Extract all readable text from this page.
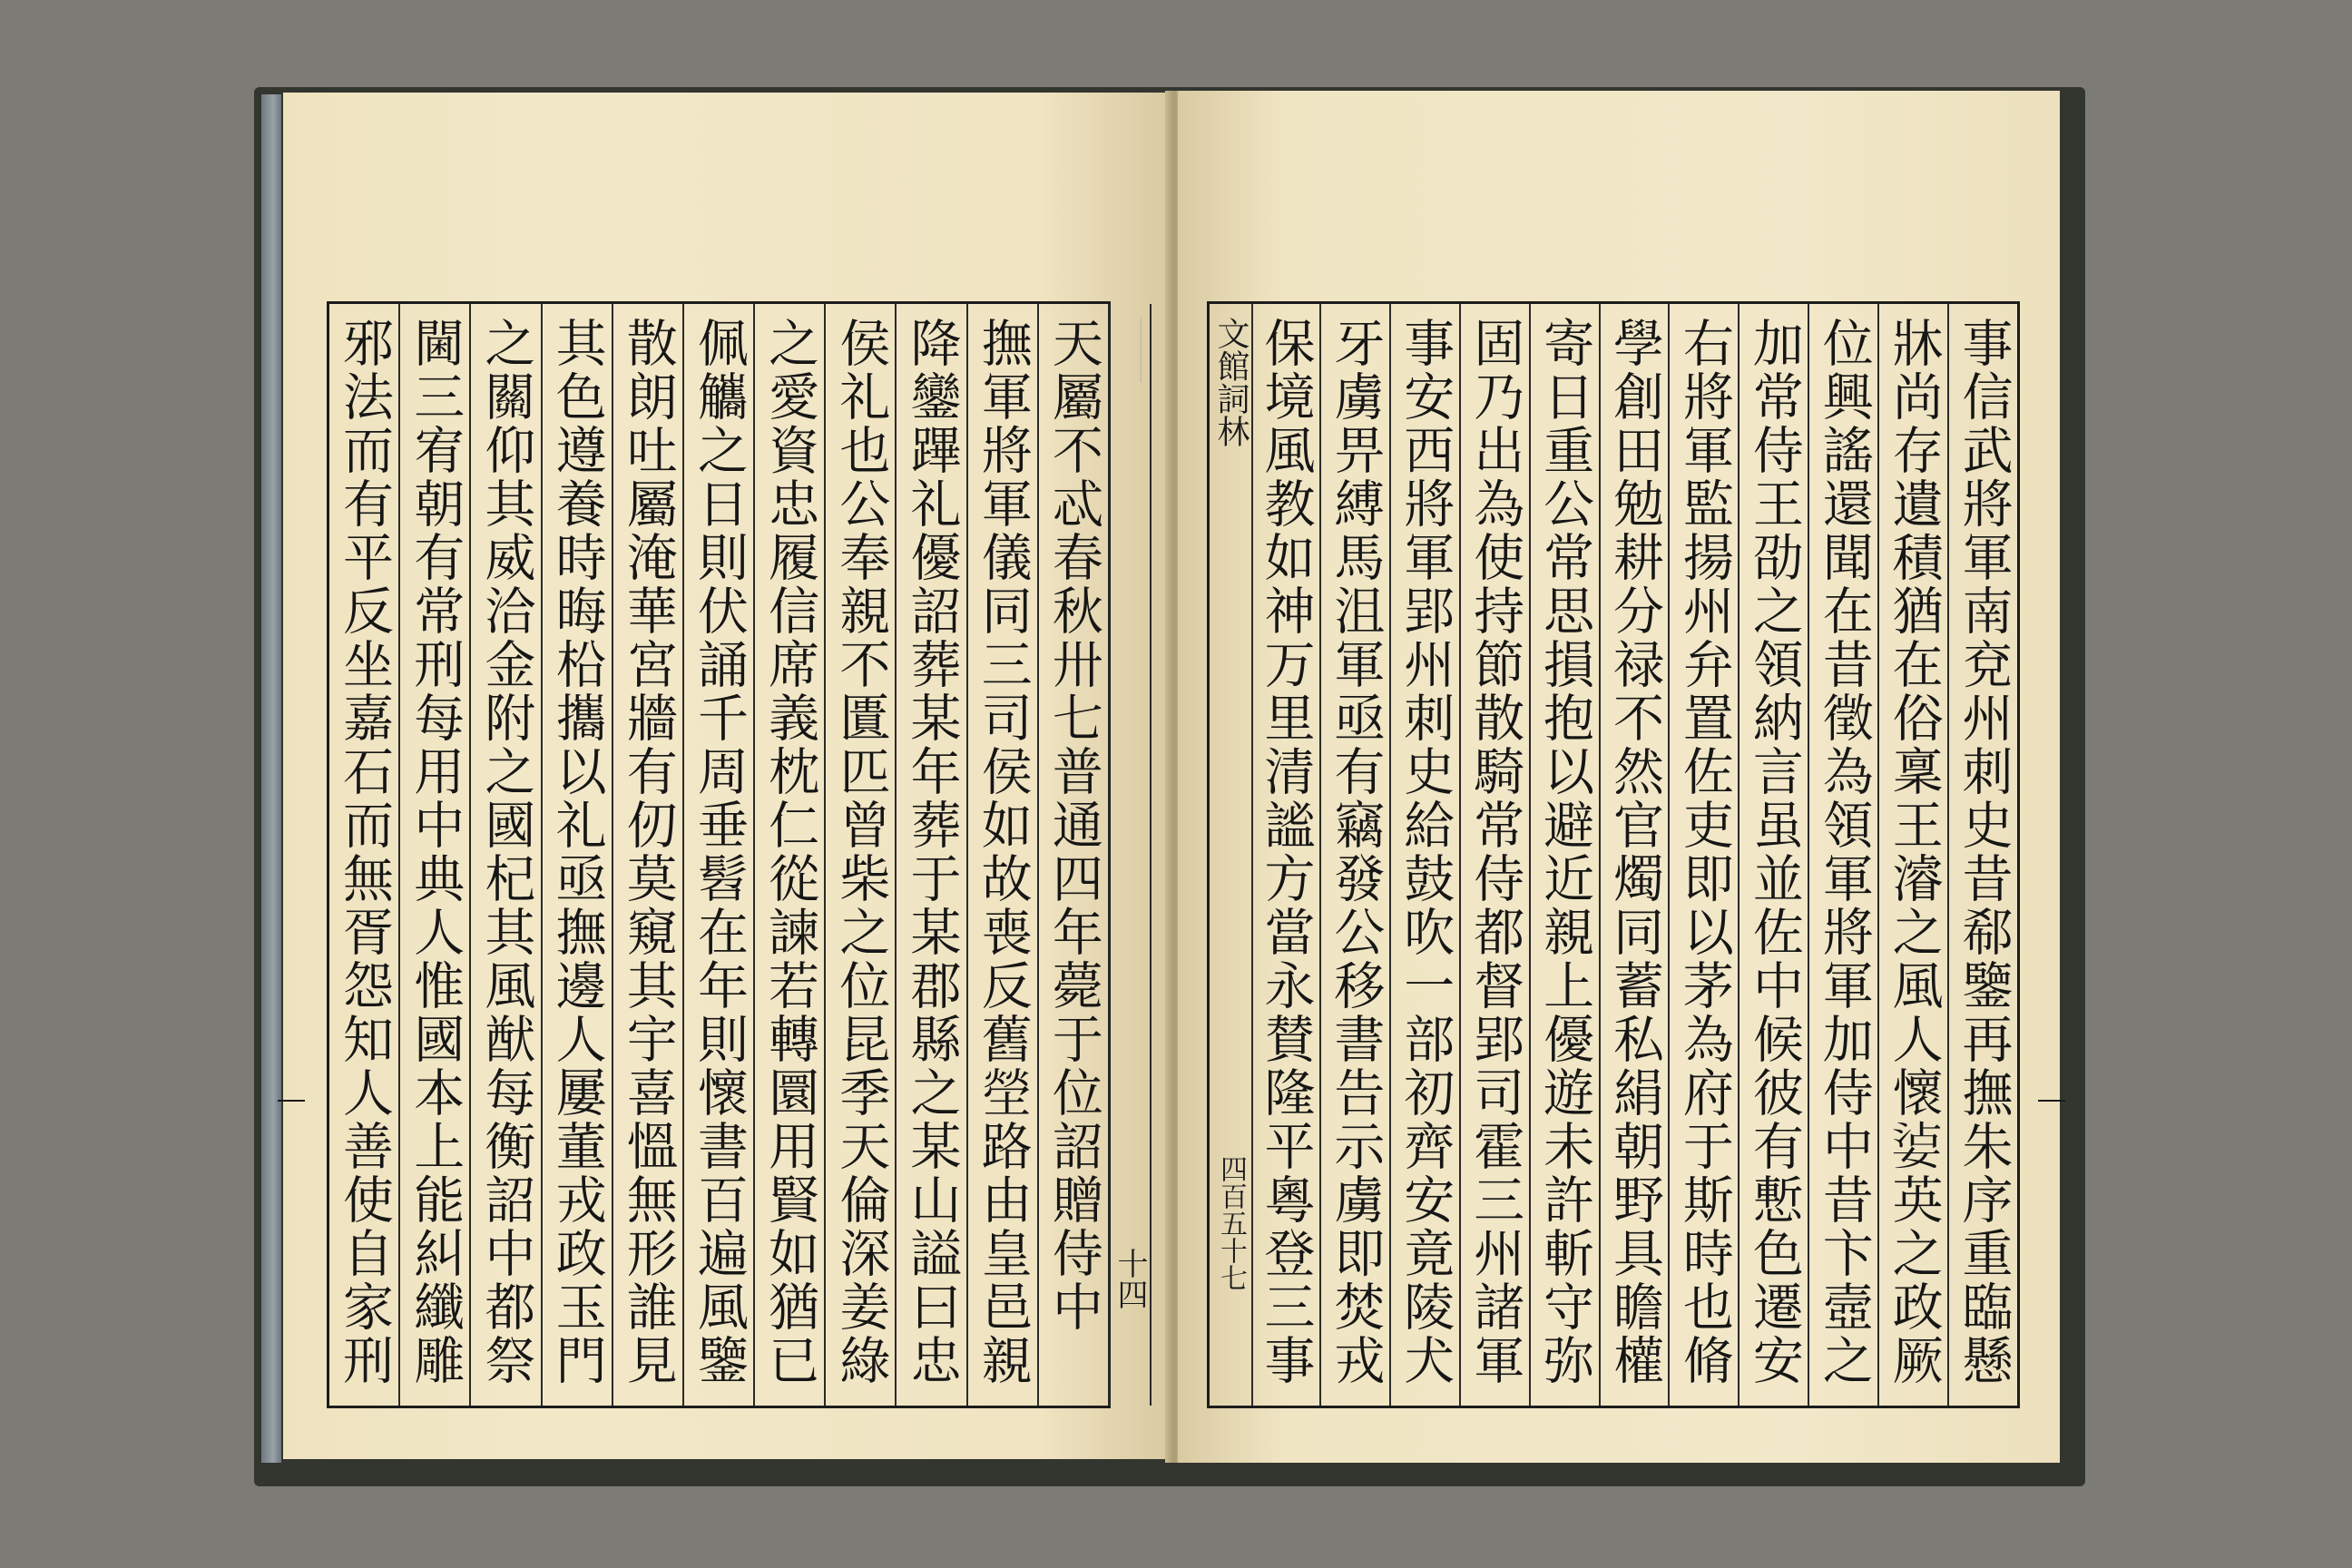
⸻
天屬不忒春秋卅七普通四年薨于位詔贈侍中
撫軍將軍儀同三司侯如故喪反舊塋路由皇邑親
降鑾蹕礼優詔葬某年葬于某郡縣之某山謚曰忠
侯礼也公奉親不匱匹曾柴之位昆季天倫深姜綠
之愛資忠履信席義枕仁從諫若轉圜用賢如猶已
佩觿之日則伏誦千周垂髫在年則懷書百遍風鑒
散朗吐屬淹華宮牆有仞莫窺其宇喜慍無形誰見
其色遵養時晦柗攜以礼亟撫邊人屢董戎政玉門
之關仰其威洽金附之國杞其風猷每衡詔中都祭
閫三宥朝有常刑每用中典人惟國本上能糾纖雕
邪法而有平反坐嘉石而無胥怨知人善使自家刑	十四
文館詞林
四百五十七	事信武將軍南兗州刺史昔郗鑒再撫朱序重臨懸
牀尚存遺積猶在俗稟王濬之風人懷𡝫英之政厥
位興謠還聞在昔徵為領軍將軍加侍中昔卞壼之
加常侍王劭之領納言虽並佐中候彼有慙色遷安
右將軍監揚州弁置佐吏即以茅為府于斯時也脩
學創田勉耕分禄不然官燭同蓄私絹朝野具瞻權
寄日重公常思損抱以避近親上優遊未許斬守弥
固乃出為使持節散騎常侍都督郢司霍三州諸軍
事安西將軍郢州刺史給鼓吹一部初齊安竟陵犬
牙虜畀縛馬沮軍亟有竊發公移書告示虜即焚戎
保境風教如神万里清謐方當永賛隆平粵登三事
